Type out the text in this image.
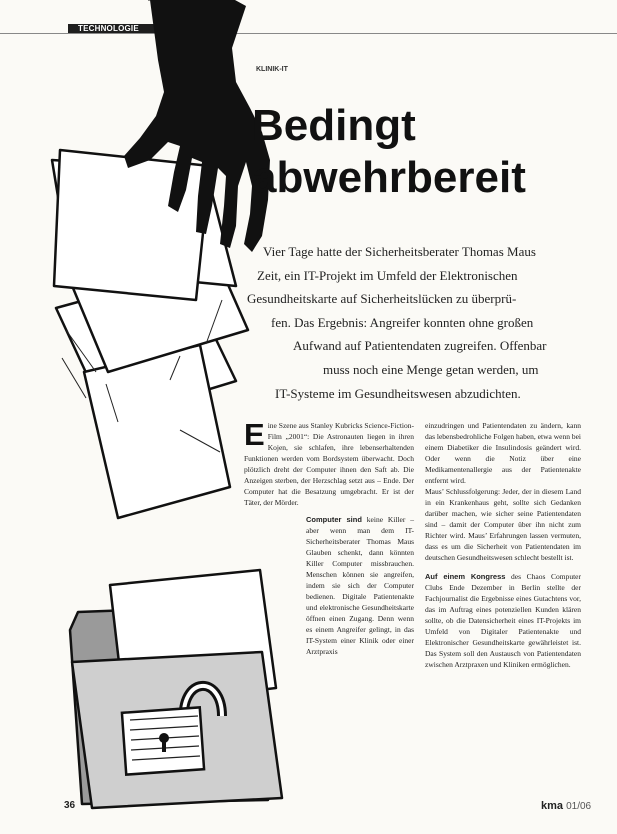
TECHNOLOGIE
KLINIK-IT
Bedingt
abwehrbereit

Vier Tage hatte der Sicherheitsberater Thomas Maus

Zeit, ein IT-Projekt im Umfeld der Elektronischen

Gesundheitskarte auf Sicherheitslücken zu überprü-

fen. Das Ergebnis: Angreifer konnten ohne großen

Aufwand auf Patientendaten zugreifen. Offenbar

muss noch eine Menge getan werden, um

IT-Systeme im Gesundheitswesen abzudichten.

Eine Szene aus Stanley Kubricks Science-Fiction-Film „2001“: Die Astronauten liegen in ihren Kojen, sie schlafen, ihre lebenserhaltenden Funktionen werden vom Bordsystem überwacht. Doch plötzlich dreht der Computer ihnen den Saft ab. Die Anzeigen sterben, der Herzschlag setzt aus – Ende. Der Computer hat die Besatzung umgebracht. Er ist der Täter, der Mörder.
Computer sind keine Killer – aber wenn man dem IT-Sicherheitsberater Thomas Maus Glauben schenkt, dann könnten Killer Computer missbrauchen. Menschen können sie angreifen, indem sie sich der Computer bedienen. Digitale Patientenakte und elektronische Gesundheitskarte öffnen einen Zugang. Denn wenn es einem Angreifer gelingt, in das IT-System einer Klinik oder einer Arztpraxis
einzudringen und Patientendaten zu ändern, kann das lebensbedrohliche Folgen haben, etwa wenn bei einem Diabetiker die Insulindosis geändert wird. Oder wenn die Notiz über eine Medikamentenallergie aus der Patientenakte entfernt wird.
Maus’ Schlussfolgerung: Jeder, der in diesem Land in ein Krankenhaus geht, sollte sich Gedanken darüber machen, wie sicher seine Patientendaten sind – damit der Computer über ihn nicht zum Richter wird. Maus’ Erfahrungen lassen vermuten, dass es um die Sicherheit von Patientendaten im deutschen Gesundheitswesen schlecht bestellt ist.
Auf einem Kongress des Chaos Computer Clubs Ende Dezember in Berlin stellte der Fachjournalist die Ergebnisse eines Gutachtens vor, das im Auftrag eines potenziellen Kunden klären sollte, ob die Datensicherheit eines IT-Projekts im Umfeld von Digitaler Patientenakte und Elektronischer Gesundheitskarte gewährleistet ist. Das System soll den Austausch von Patientendaten zwischen Arztpraxen und Kliniken ermöglichen.
36	kma 01/06
